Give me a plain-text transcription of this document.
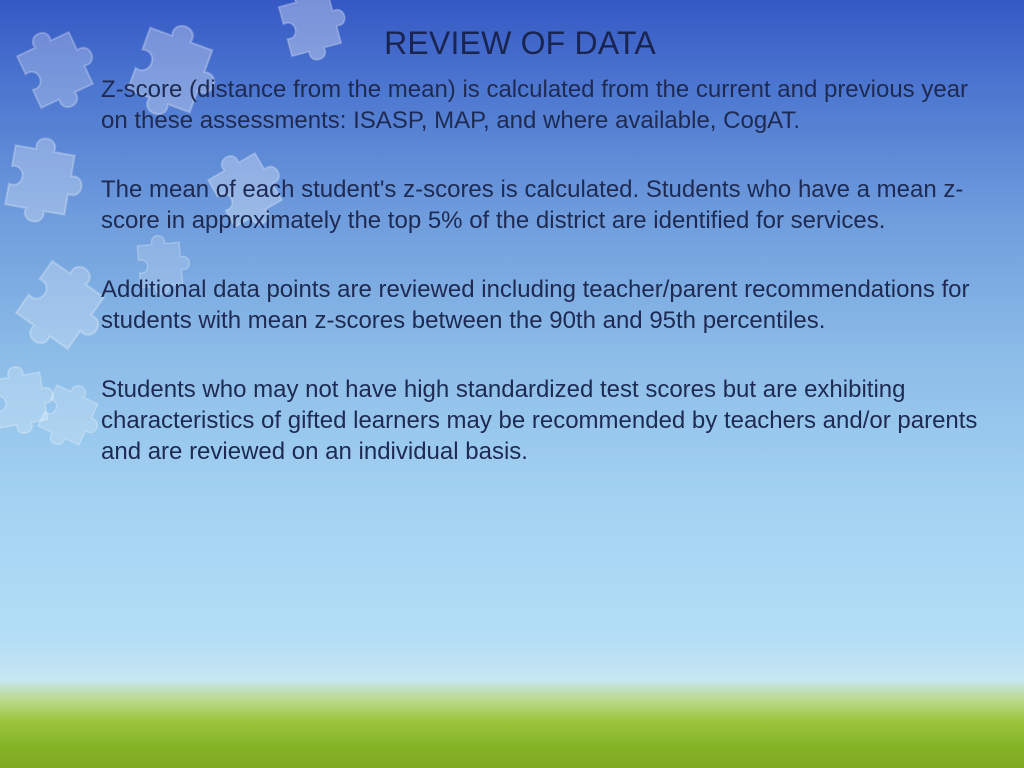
REVIEW OF DATA

Z-score (distance from the mean) is calculated from the current and previous year on these assessments: ISASP, MAP, and where available, CogAT.

The mean of each student's z-scores is calculated. Students who have a mean z-score in approximately the top 5% of the district are identified for services.

Additional data points are reviewed including teacher/parent recommendations for students with mean z-scores between the 90th and 95th percentiles.

Students who may not have high standardized test scores but are exhibiting characteristics of gifted learners may be recommended by teachers and/or parents and are reviewed on an individual basis.
